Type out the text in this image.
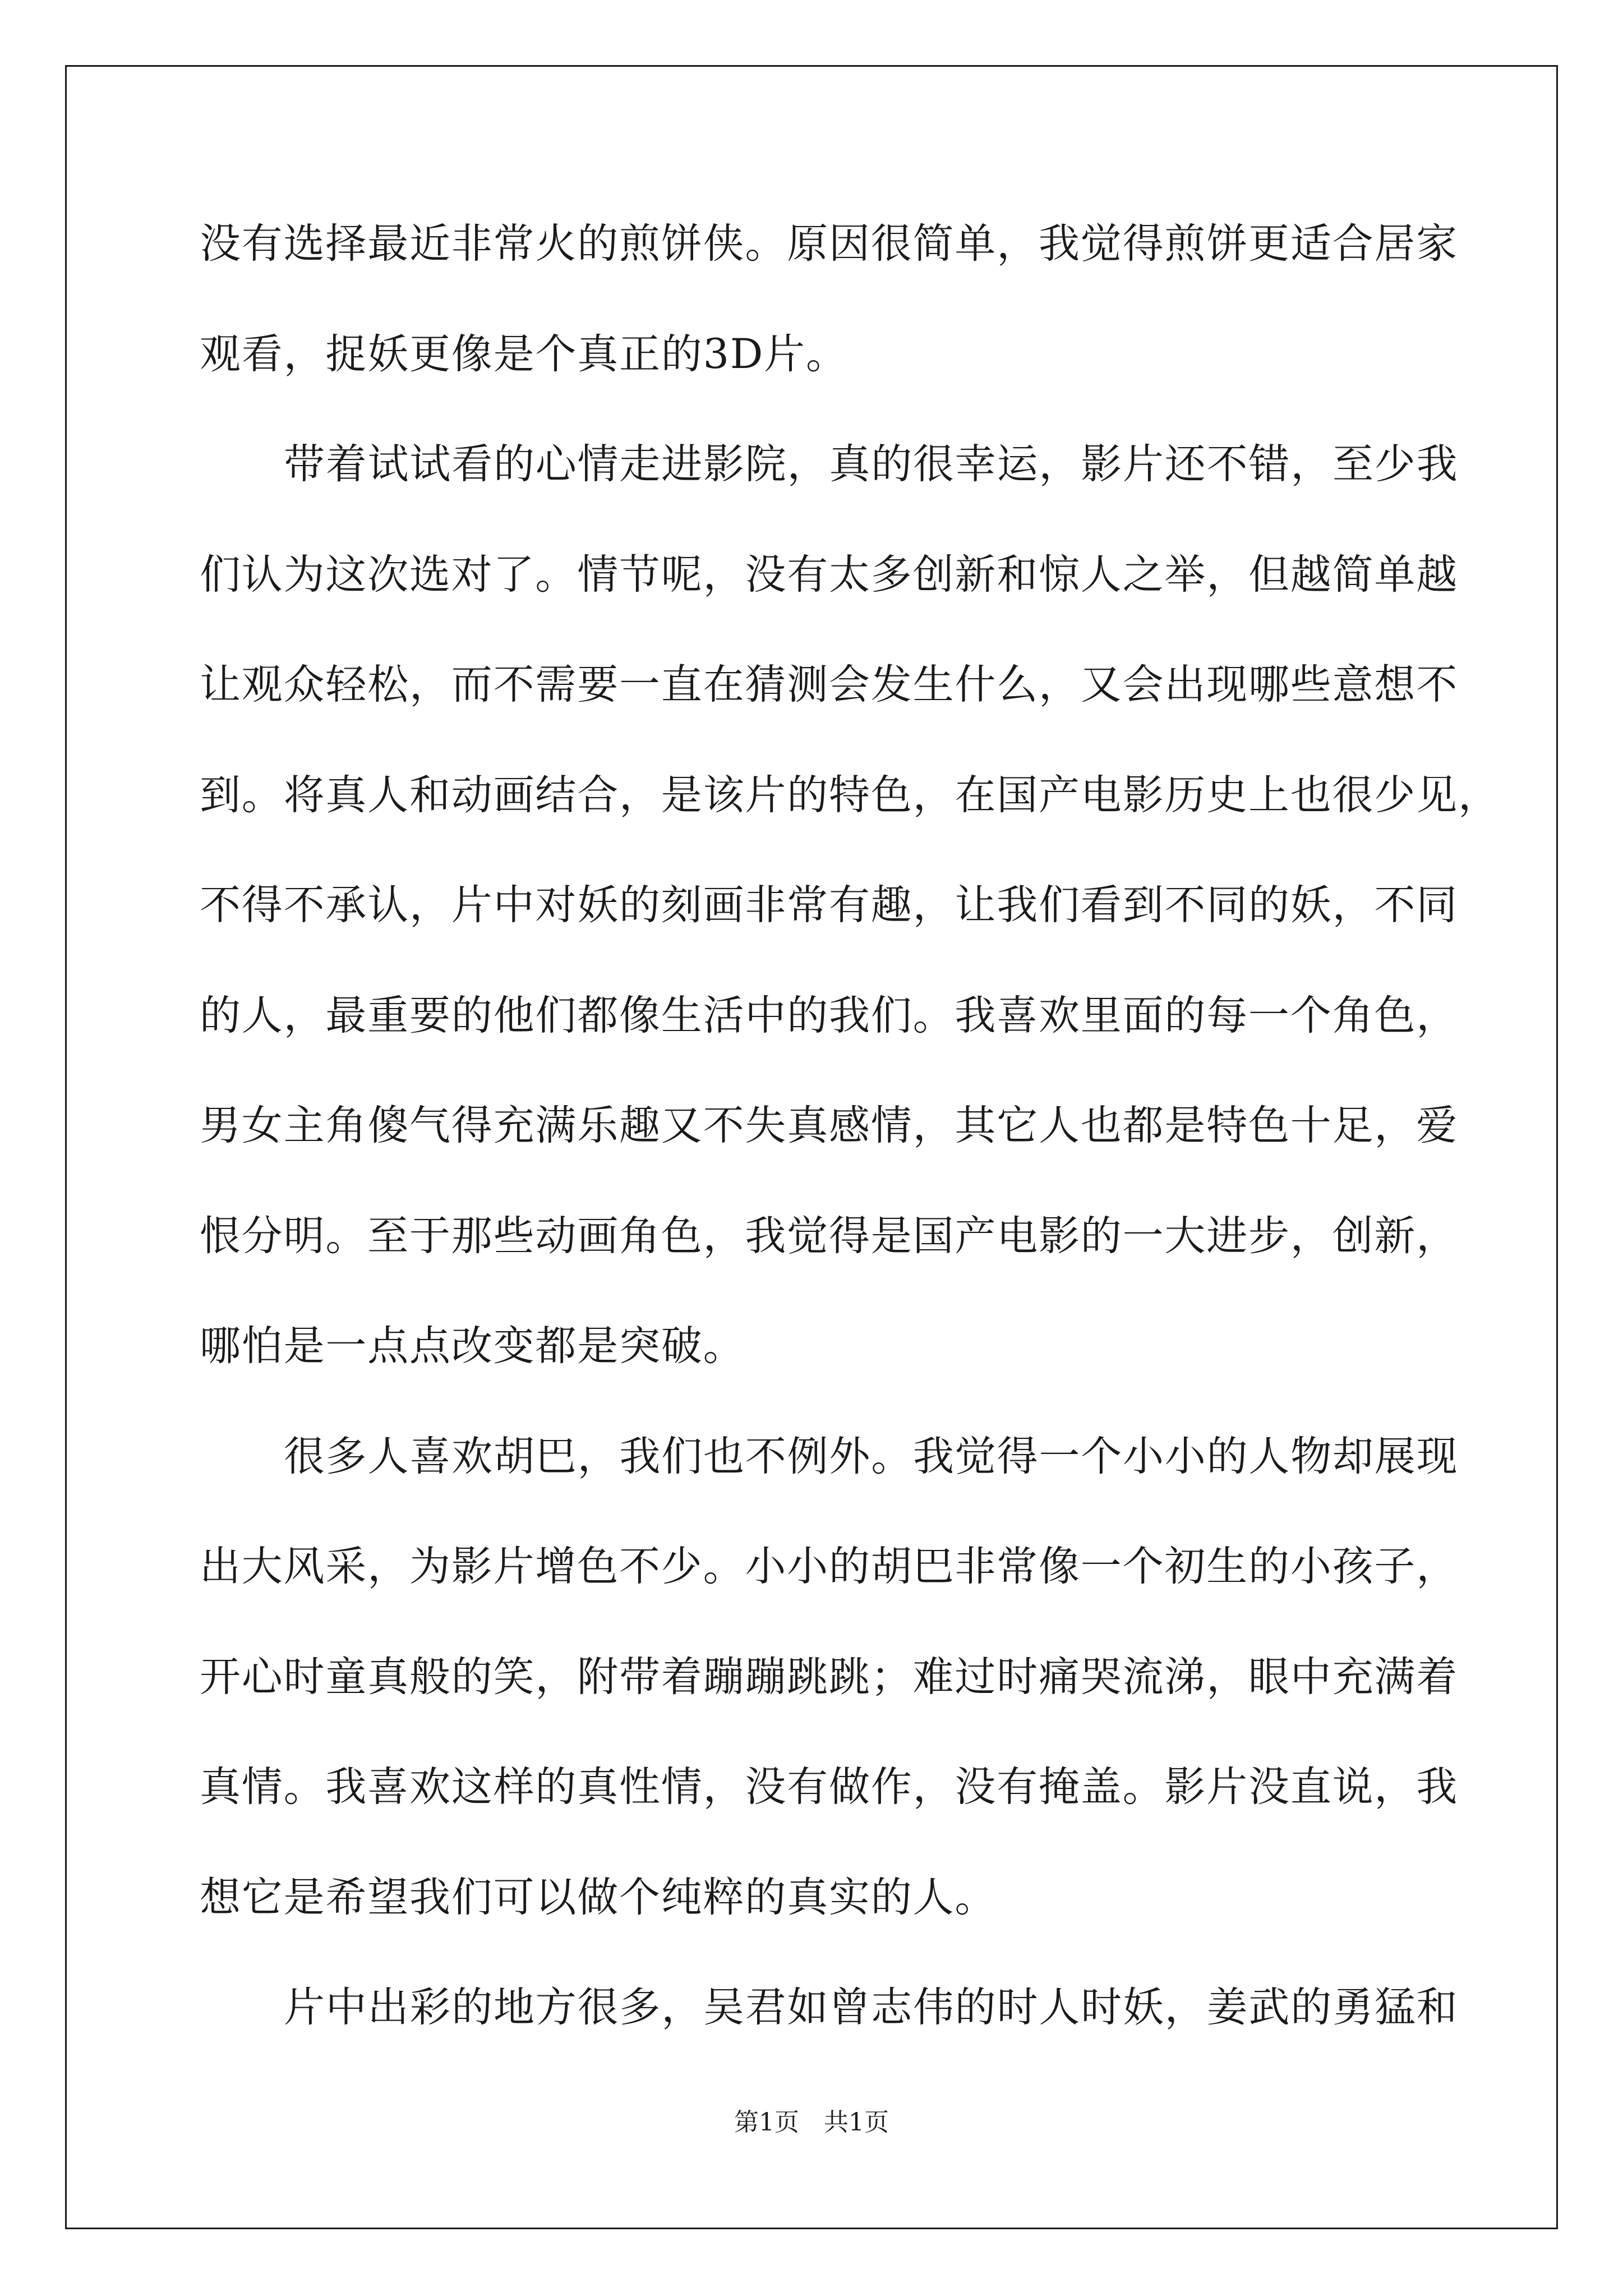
没有选择最近非常火的煎饼侠。原因很简单，我觉得煎饼更适合居家
观看，捉妖更像是个真正的3D片。
带着试试看的心情走进影院，真的很幸运，影片还不错，至少我
们认为这次选对了。情节呢，没有太多创新和惊人之举，但越简单越
让观众轻松，而不需要一直在猜测会发生什么，又会出现哪些意想不
到。将真人和动画结合，是该片的特色，在国产电影历史上也很少见，
不得不承认，片中对妖的刻画非常有趣，让我们看到不同的妖，不同
的人，最重要的他们都像生活中的我们。我喜欢里面的每一个角色，
男女主角傻气得充满乐趣又不失真感情，其它人也都是特色十足，爱
恨分明。至于那些动画角色，我觉得是国产电影的一大进步，创新，
哪怕是一点点改变都是突破。
很多人喜欢胡巴，我们也不例外。我觉得一个小小的人物却展现
出大风采，为影片增色不少。小小的胡巴非常像一个初生的小孩子，
开心时童真般的笑，附带着蹦蹦跳跳；难过时痛哭流涕，眼中充满着
真情。我喜欢这样的真性情，没有做作，没有掩盖。影片没直说，我
想它是希望我们可以做个纯粹的真实的人。
片中出彩的地方很多，吴君如曾志伟的时人时妖，姜武的勇猛和
第1页　共1页
